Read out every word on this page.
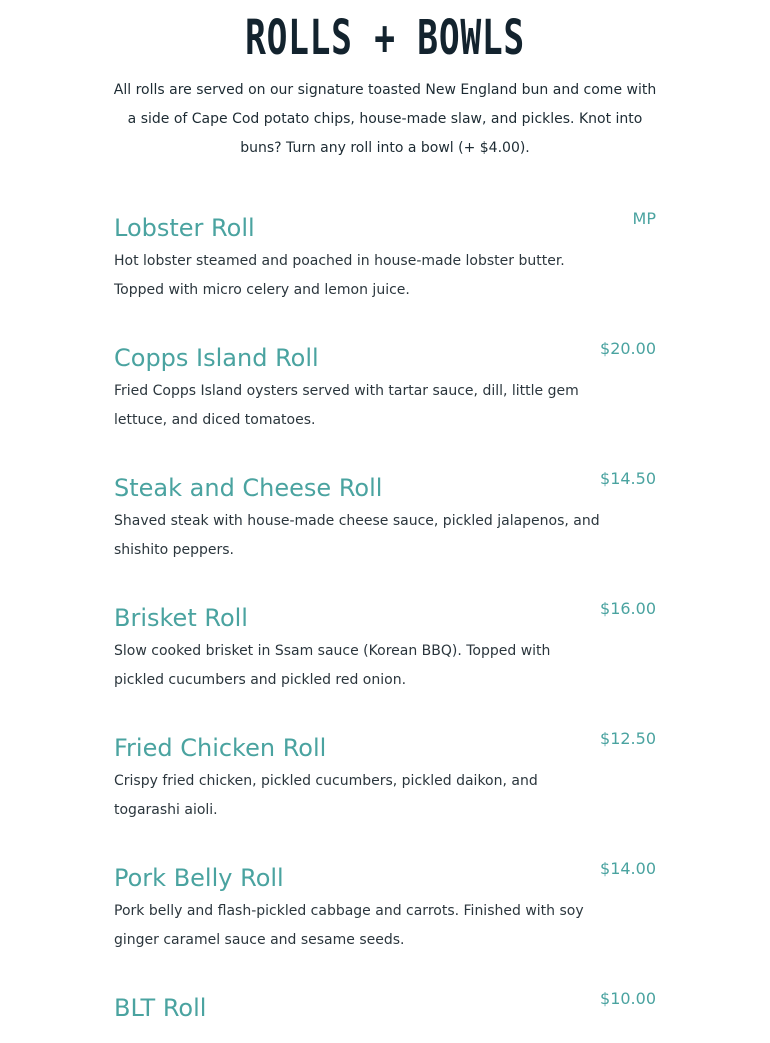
ROLLS + BOWLS
All rolls are served on our signature toasted New England bun and come with a side of Cape Cod potato chips, house-made slaw, and pickles. Knot into buns? Turn any roll into a bowl (+ $4.00).
Lobster Roll	MP
Hot lobster steamed and poached in house-made lobster butter. Topped with micro celery and lemon juice.
Copps Island Roll	$20.00
Fried Copps Island oysters served with tartar sauce, dill, little gem lettuce, and diced tomatoes.
Steak and Cheese Roll	$14.50
Shaved steak with house-made cheese sauce, pickled jalapenos, and shishito peppers.
Brisket Roll	$16.00
Slow cooked brisket in Ssam sauce (Korean BBQ). Topped with pickled cucumbers and pickled red onion.
Fried Chicken Roll	$12.50
Crispy fried chicken, pickled cucumbers, pickled daikon, and togarashi aioli.
Pork Belly Roll	$14.00
Pork belly and flash-pickled cabbage and carrots. Finished with soy ginger caramel sauce and sesame seeds.
BLT Roll	$10.00
